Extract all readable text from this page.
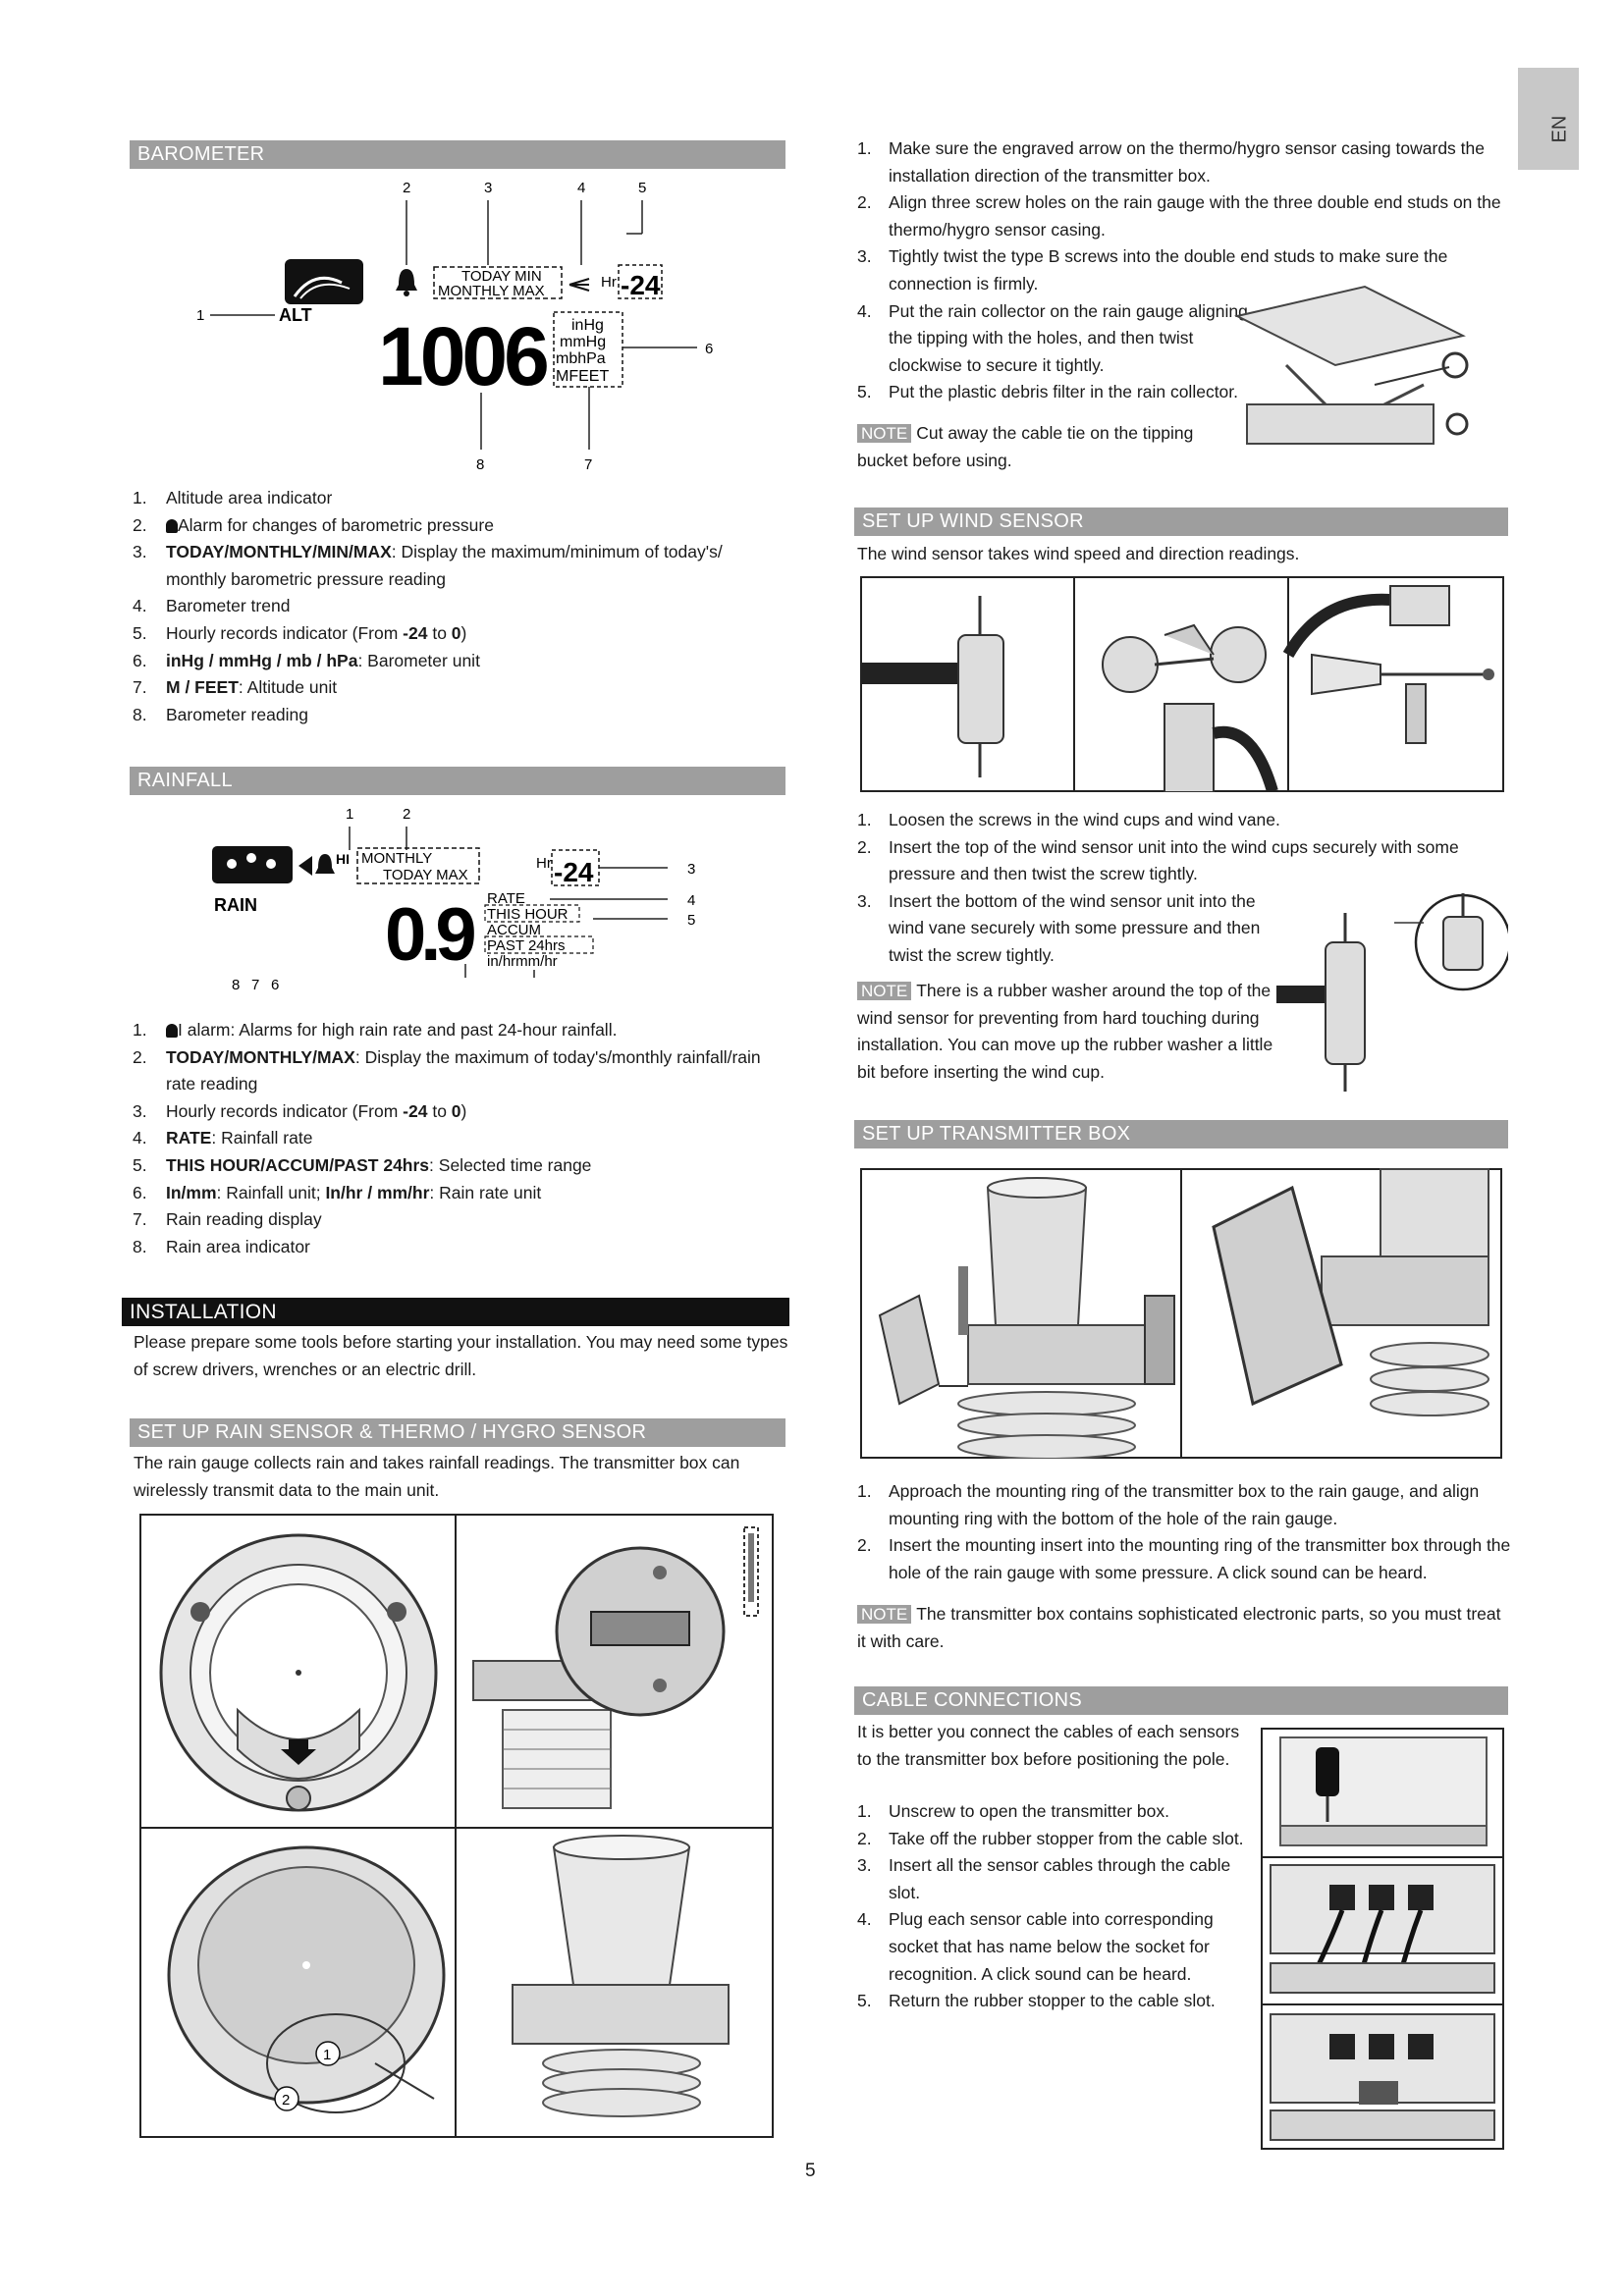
EN
BAROMETER
2	3	4	5
1	ALT
TODAY MIN
MONTHLY MAX
Hr -24
1006 inHg
mmHg
mbhPa
MFEET
6
8	7
1. Altitude area indicator
2. Alarm for changes of barometric pressure
3. TODAY/MONTHLY/MIN/MAX: Display the maximum/minimum of today's/ monthly barometric pressure reading
4. Barometer trend
5. Hourly records indicator (From -24 to 0)
6. inHg / mmHg / mb / hPa: Barometer unit
7. M / FEET: Altitude unit
8. Barometer reading
RAINFALL
1	2
HI MONTHLY
TODAY MAX
Hr -24	3
RAIN 0.9 RATE
THIS HOUR
ACCUM
PAST 24hrs
in/hrmm/hr
4
5
8 7 6
1. I alarm: Alarms for high rain rate and past 24-hour rainfall.
2. TODAY/MONTHLY/MAX: Display the maximum of today's/monthly rainfall/rain rate reading
3. Hourly records indicator (From -24 to 0)
4. RATE: Rainfall rate
5. THIS HOUR/ACCUM/PAST 24hrs: Selected time range
6. In/mm: Rainfall unit; In/hr / mm/hr: Rain rate unit
7. Rain reading display
8. Rain area indicator
INSTALLATION
Please prepare some tools before starting your installation. You may need some types of screw drivers, wrenches or an electric drill.
SET UP RAIN SENSOR & THERMO / HYGRO SENSOR
The rain gauge collects rain and takes rainfall readings. The transmitter box can wirelessly transmit data to the main unit.
1
2
1. Make sure the engraved arrow on the thermo/hygro sensor casing towards the installation direction of the transmitter box.
2. Align three screw holes on the rain gauge with the three double end studs on the thermo/hygro sensor casing.
3. Tightly twist the type B screws into the double end studs to make sure the connection is firmly.
4. Put the rain collector on the rain gauge aligning the tipping with the holes, and then twist clockwise to secure it tightly.
5. Put the plastic debris filter in the rain collector.
NOTE Cut away the cable tie on the tipping bucket before using.
SET UP WIND SENSOR
The wind sensor takes wind speed and direction readings.
1. Loosen the screws in the wind cups and wind vane.
2. Insert the top of the wind sensor unit into the wind cups securely with some pressure and then twist the screw tightly.
3. Insert the bottom of the wind sensor unit into the wind vane securely with some pressure and then twist the screw tightly.
NOTE There is a rubber washer around the top of the wind sensor for preventing from hard touching during installation. You can move up the rubber washer a little bit before inserting the wind cup.
SET UP TRANSMITTER BOX
1. Approach the mounting ring of the transmitter box to the rain gauge, and align mounting ring with the bottom of the hole of the rain gauge.
2. Insert the mounting insert into the mounting ring of the transmitter box through the hole of the rain gauge with some pressure. A click sound can be heard.
NOTE The transmitter box contains sophisticated electronic parts, so you must treat it with care.
CABLE CONNECTIONS
It is better you connect the cables of each sensors to the transmitter box before positioning the pole.
1. Unscrew to open the transmitter box.
2. Take off the rubber stopper from the cable slot.
3. Insert all the sensor cables through the cable slot.
4. Plug each sensor cable into corresponding socket that has name below the socket for recognition. A click sound can be heard.
5. Return the rubber stopper to the cable slot.
5
